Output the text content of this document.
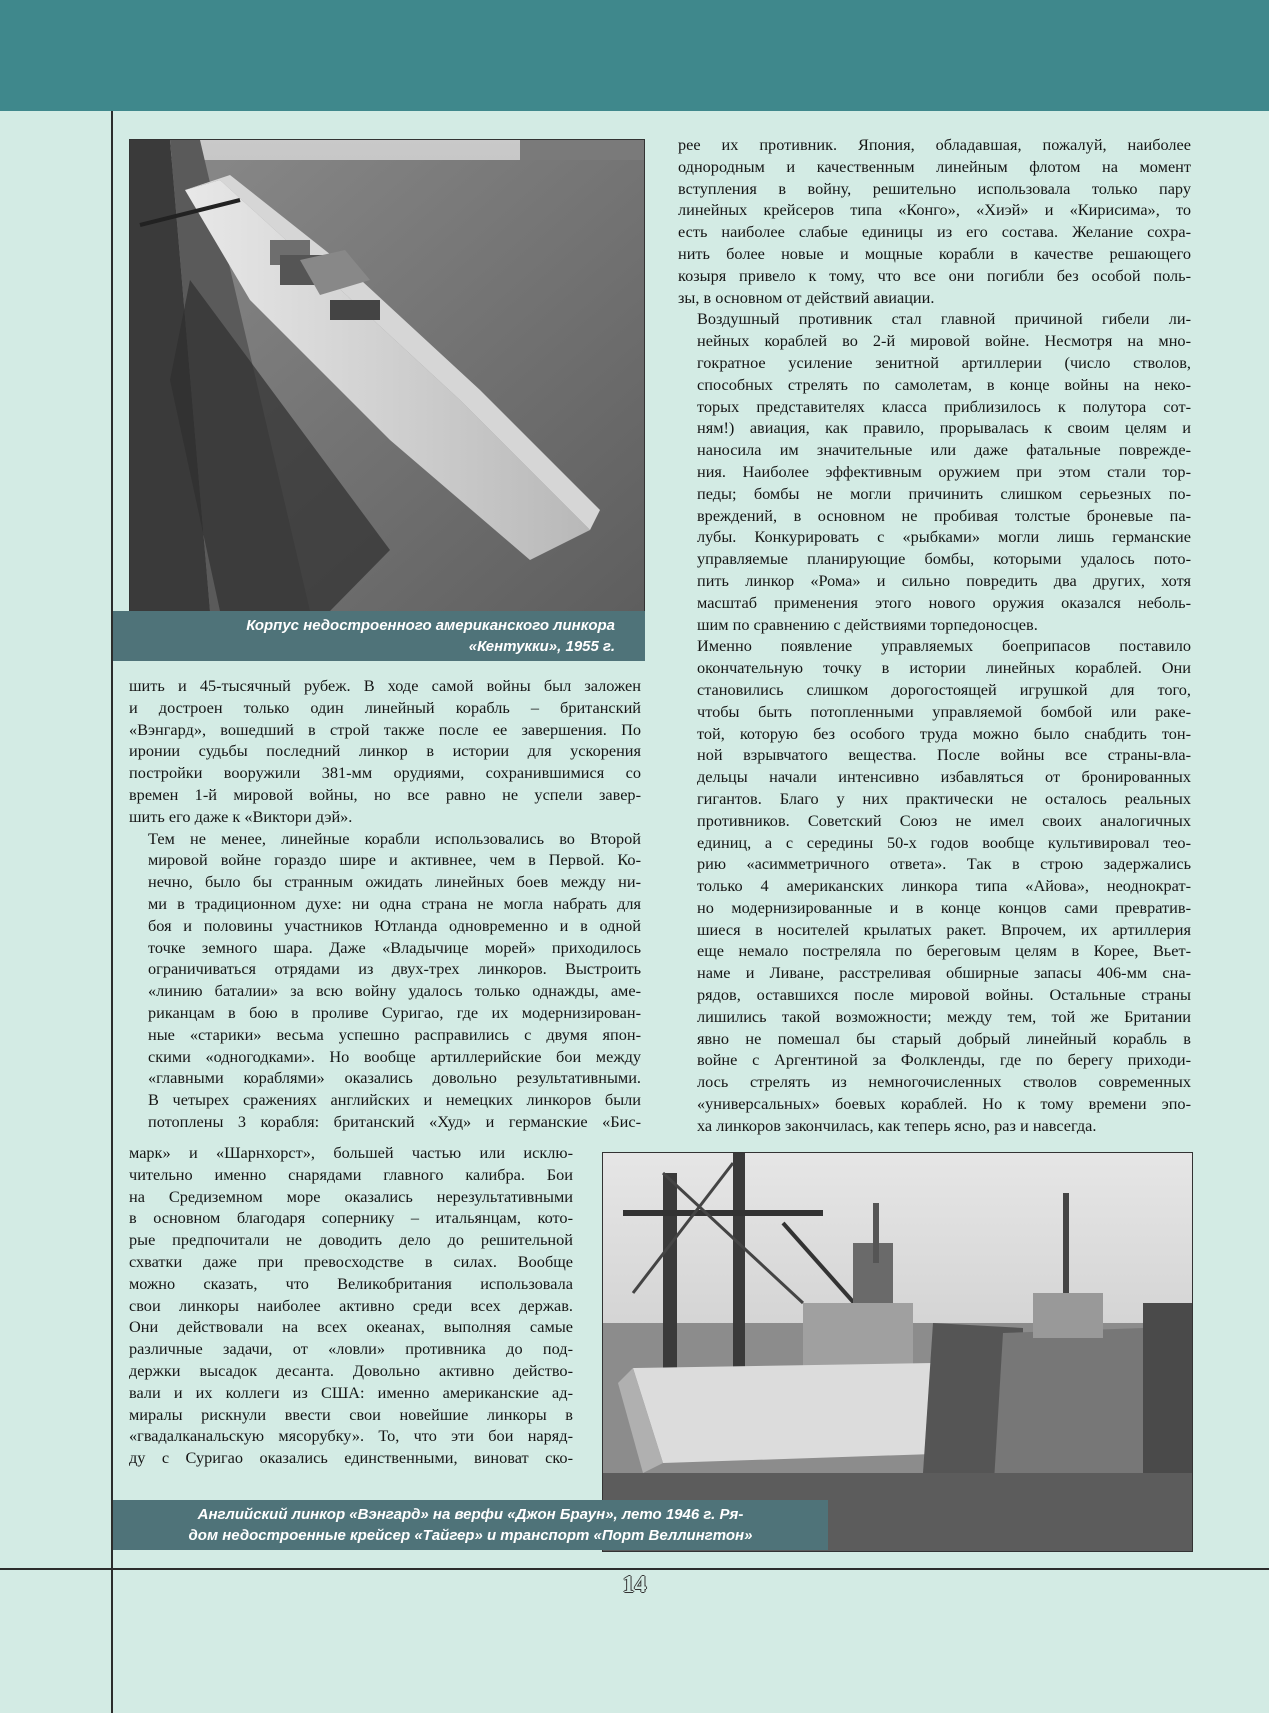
Корпус недостроенного американского линкора
«Кентукки», 1955 г.

шить и 45-тысячный рубеж. В ходе самой войны был заложен
и достроен только один линейный корабль – британский
«Вэнгард», вошедший в строй также после ее завершения. По
иронии судьбы последний линкор в истории для ускорения
постройки вооружили 381-мм орудиями, сохранившимися со
времен 1-й мировой войны, но все равно не успели завер-
шить его даже к «Виктори дэй».

Тем не менее, линейные корабли использовались во Второй
мировой войне гораздо шире и активнее, чем в Первой. Ко-
нечно, было бы странным ожидать линейных боев между ни-
ми в традиционном духе: ни одна страна не могла набрать для
боя и половины участников Ютланда одновременно и в одной
точке земного шара. Даже «Владычице морей» приходилось
ограничиваться отрядами из двух-трех линкоров. Выстроить
«линию баталии» за всю войну удалось только однажды, аме-
риканцам в бою в проливе Суригао, где их модернизирован-
ные «старики» весьма успешно расправились с двумя япон-
скими «одногодками». Но вообще артиллерийские бои между
«главными кораблями» оказались довольно результативными.
В четырех сражениях английских и немецких линкоров были
потоплены 3 корабля: британский «Худ» и германские «Бис-

марк» и «Шарнхорст», большей частью или исклю-
чительно именно снарядами главного калибра. Бои
на Средиземном море оказались нерезультативными
в основном благодаря сопернику – итальянцам, кото-
рые предпочитали не доводить дело до решительной
схватки даже при превосходстве в силах. Вообще
можно сказать, что Великобритания использовала
свои линкоры наиболее активно среди всех держав.
Они действовали на всех океанах, выполняя самые
различные задачи, от «ловли» противника до под-
держки высадок десанта. Довольно активно действо-
вали и их коллеги из США: именно американские ад-
миралы рискнули ввести свои новейшие линкоры в
«гвадалканальскую мясорубку». То, что эти бои наряд-
ду с Суригао оказались единственными, виноват ско-

рее их противник. Япония, обладавшая, пожалуй, наиболее
однородным и качественным линейным флотом на момент
вступления в войну, решительно использовала только пару
линейных крейсеров типа «Конго», «Хиэй» и «Кирисима», то
есть наиболее слабые единицы из его состава. Желание сохра-
нить более новые и мощные корабли в качестве решающего
козыря привело к тому, что все они погибли без особой поль-
зы, в основном от действий авиации.

Воздушный противник стал главной причиной гибели ли-
нейных кораблей во 2-й мировой войне. Несмотря на мно-
гократное усиление зенитной артиллерии (число стволов,
способных стрелять по самолетам, в конце войны на неко-
торых представителях класса приблизилось к полутора сот-
ням!) авиация, как правило, прорывалась к своим целям и
наносила им значительные или даже фатальные поврежде-
ния. Наиболее эффективным оружием при этом стали тор-
педы; бомбы не могли причинить слишком серьезных по-
вреждений, в основном не пробивая толстые броневые па-
лубы. Конкурировать с «рыбками» могли лишь германские
управляемые планирующие бомбы, которыми удалось пото-
пить линкор «Рома» и сильно повредить два других, хотя
масштаб применения этого нового оружия оказался неболь-
шим по сравнению с действиями торпедоносцев.

Именно появление управляемых боеприпасов поставило
окончательную точку в истории линейных кораблей. Они
становились слишком дорогостоящей игрушкой для того,
чтобы быть потопленными управляемой бомбой или ракe-
той, которую без особого труда можно было снабдить тон-
ной взрывчатого вещества. После войны все страны-вла-
дельцы начали интенсивно избавляться от бронированных
гигантов. Благо у них практически не осталось реальных
противников. Советский Союз не имел своих аналогичных
единиц, а с середины 50-х годов вообще культивировал тео-
рию «асимметричного ответа». Так в строю задержались
только 4 американских линкора типа «Айова», неоднократ-
но модернизированные и в конце концов сами превратив-
шиеся в носителей крылатых ракет. Впрочем, их артиллерия
еще немало постреляла по береговым целям в Корее, Вьет-
наме и Ливане, расстреливая обширные запасы 406-мм сна-
рядов, оставшихся после мировой войны. Остальные страны
лишились такой возможности; между тем, той же Британии
явно не помешал бы старый добрый линейный корабль в
войне с Аргентиной за Фолкленды, где по берегу приходи-
лось стрелять из немногочисленных стволов современных
«универсальных» боевых кораблей. Но к тому времени эпо-
ха линкоров закончилась, как теперь ясно, раз и навсегда.

Английский линкор «Вэнгард» на верфи «Джон Браун», лето 1946 г. Ря-
дом недостроенные крейсер «Тайгер» и транспорт «Порт Веллингтон»
14
